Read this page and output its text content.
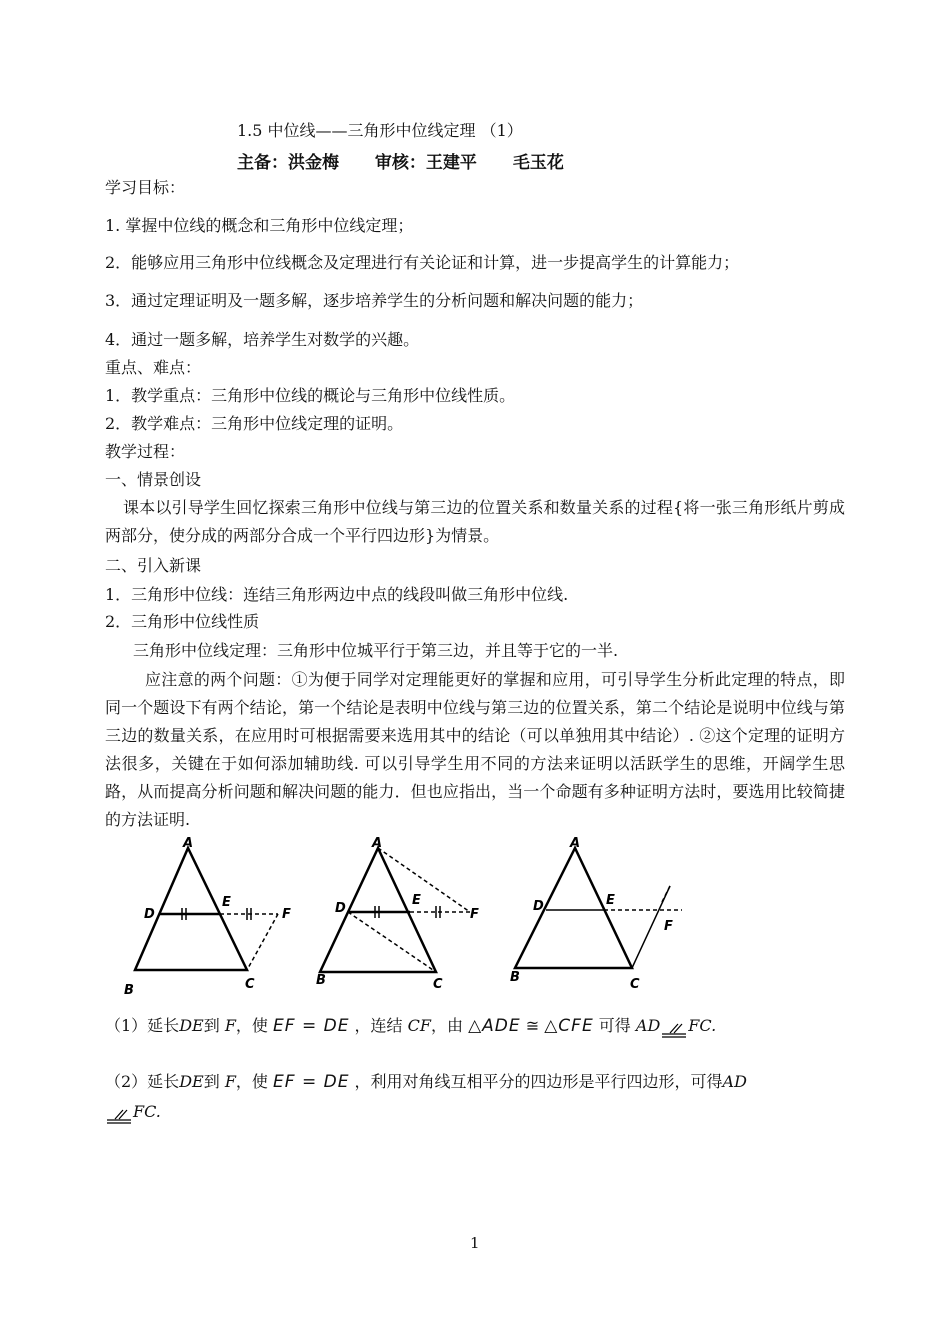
1.5 中位线——三角形中位线定理 （1）
主备：洪金梅 审核：王建平 毛玉花
学习目标：
1. 掌握中位线的概念和三角形中位线定理；
2．能够应用三角形中位线概念及定理进行有关论证和计算，进一步提高学生的计算能力；
3．通过定理证明及一题多解，逐步培养学生的分析问题和解决问题的能力；
4．通过一题多解，培养学生对数学的兴趣。
重点、难点：
1．教学重点：三角形中位线的概论与三角形中位线性质。
2．教学难点：三角形中位线定理的证明。
教学过程：
一、情景创设
课本以引导学生回忆探索三角形中位线与第三边的位置关系和数量关系的过程{将一张三角形纸片剪成两部分，使分成的两部分合成一个平行四边形}为情景。
二、引入新课
1．三角形中位线：连结三角形两边中点的线段叫做三角形中位线.
2．三角形中位线性质
三角形中位线定理：三角形中位城平行于第三边，并且等于它的一半.
应注意的两个问题：①为便于同学对定理能更好的掌握和应用，可引导学生分析此定理的特点，即同一个题设下有两个结论，第一个结论是表明中位线与第三边的位置关系，第二个结论是说明中位线与第三边的数量关系，在应用时可根据需要来选用其中的结论（可以单独用其中结论）. ②这个定理的证明方法很多，关键在于如何添加辅助线. 可以引导学生用不同的方法来证明以活跃学生的思维，开阔学生思路，从而提高分析问题和解决问题的能力．但也应指出，当一个命题有多种证明方法时，要选用比较简捷的方法证明.
A
D
E
F
B	C
A
D
E
F
B	C
A
D	E
F
B	C
（1）延长DE到 F，使 EF = DE ，连结 CF，由 △ADE ≅ △CFE 可得 AD FC.
（2）延长DE到 F，使 EF = DE ，利用对角线互相平分的四边形是平行四边形，可得AD
FC.
1
